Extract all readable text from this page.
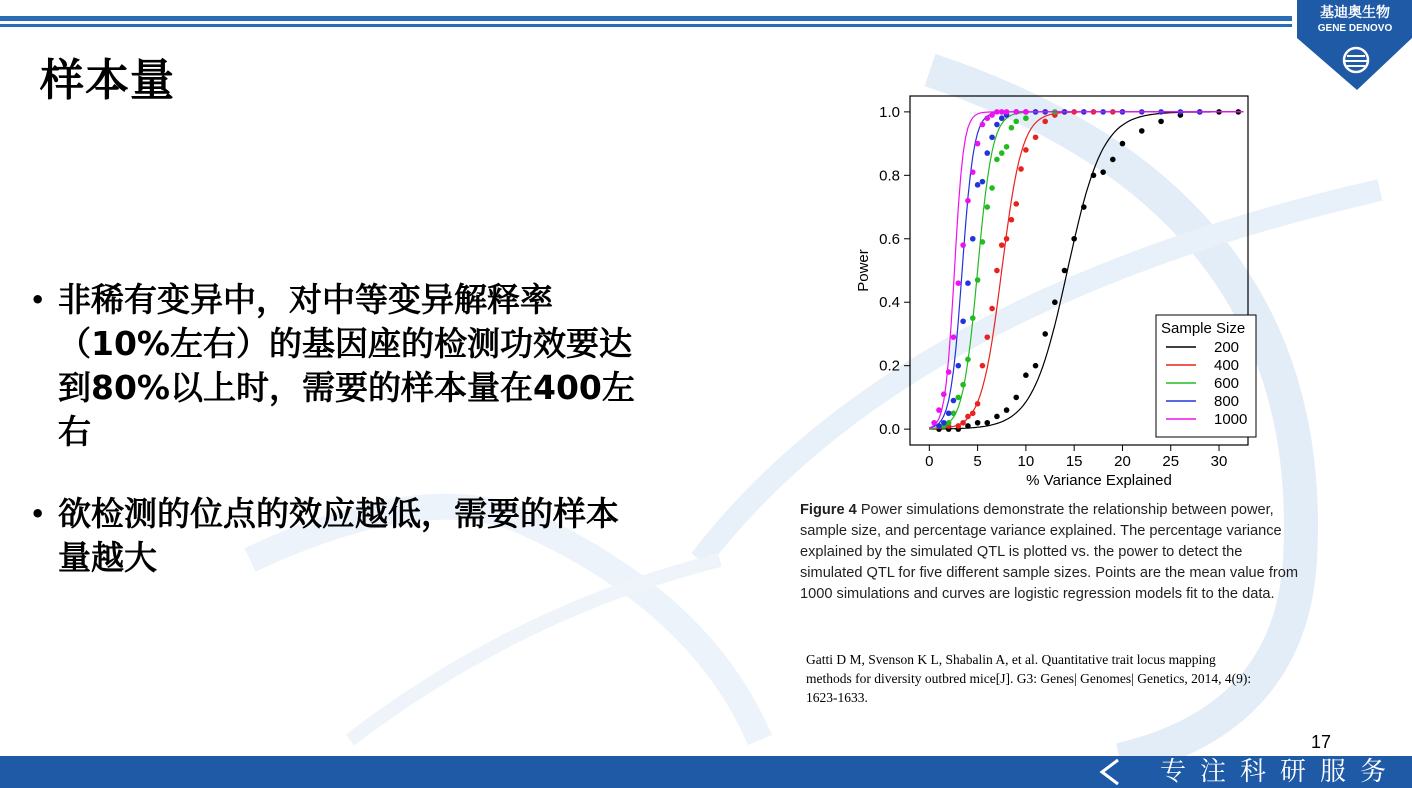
基迪奥生物
GENE DENOVO
样本量
• 非稀有变异中，对中等变异解释率
（10%左右）的基因座的检测功效要达
到80%以上时，需要的样本量在400左
右
• 欲检测的位点的效应越低，需要的样本
量越大
0	5 10 15 20 25 30
0.0
0.2
0.4
0.6
0.8
1.0
% Variance Explained
Power
Sample Size
200
400
600
800
1000
Figure 4 Power simulations demonstrate the relationship between power,
sample size, and percentage variance explained. The percentage variance
explained by the simulated QTL is plotted vs. the power to detect the
simulated QTL for five different sample sizes. Points are the mean value from
1000 simulations and curves are logistic regression models fit to the data.
Gatti D M, Svenson K L, Shabalin A, et al. Quantitative trait locus mapping
methods for diversity outbred mice[J]. G3: Genes| Genomes| Genetics, 2014, 4(9):
1623-1633.
17
专注科研服务
